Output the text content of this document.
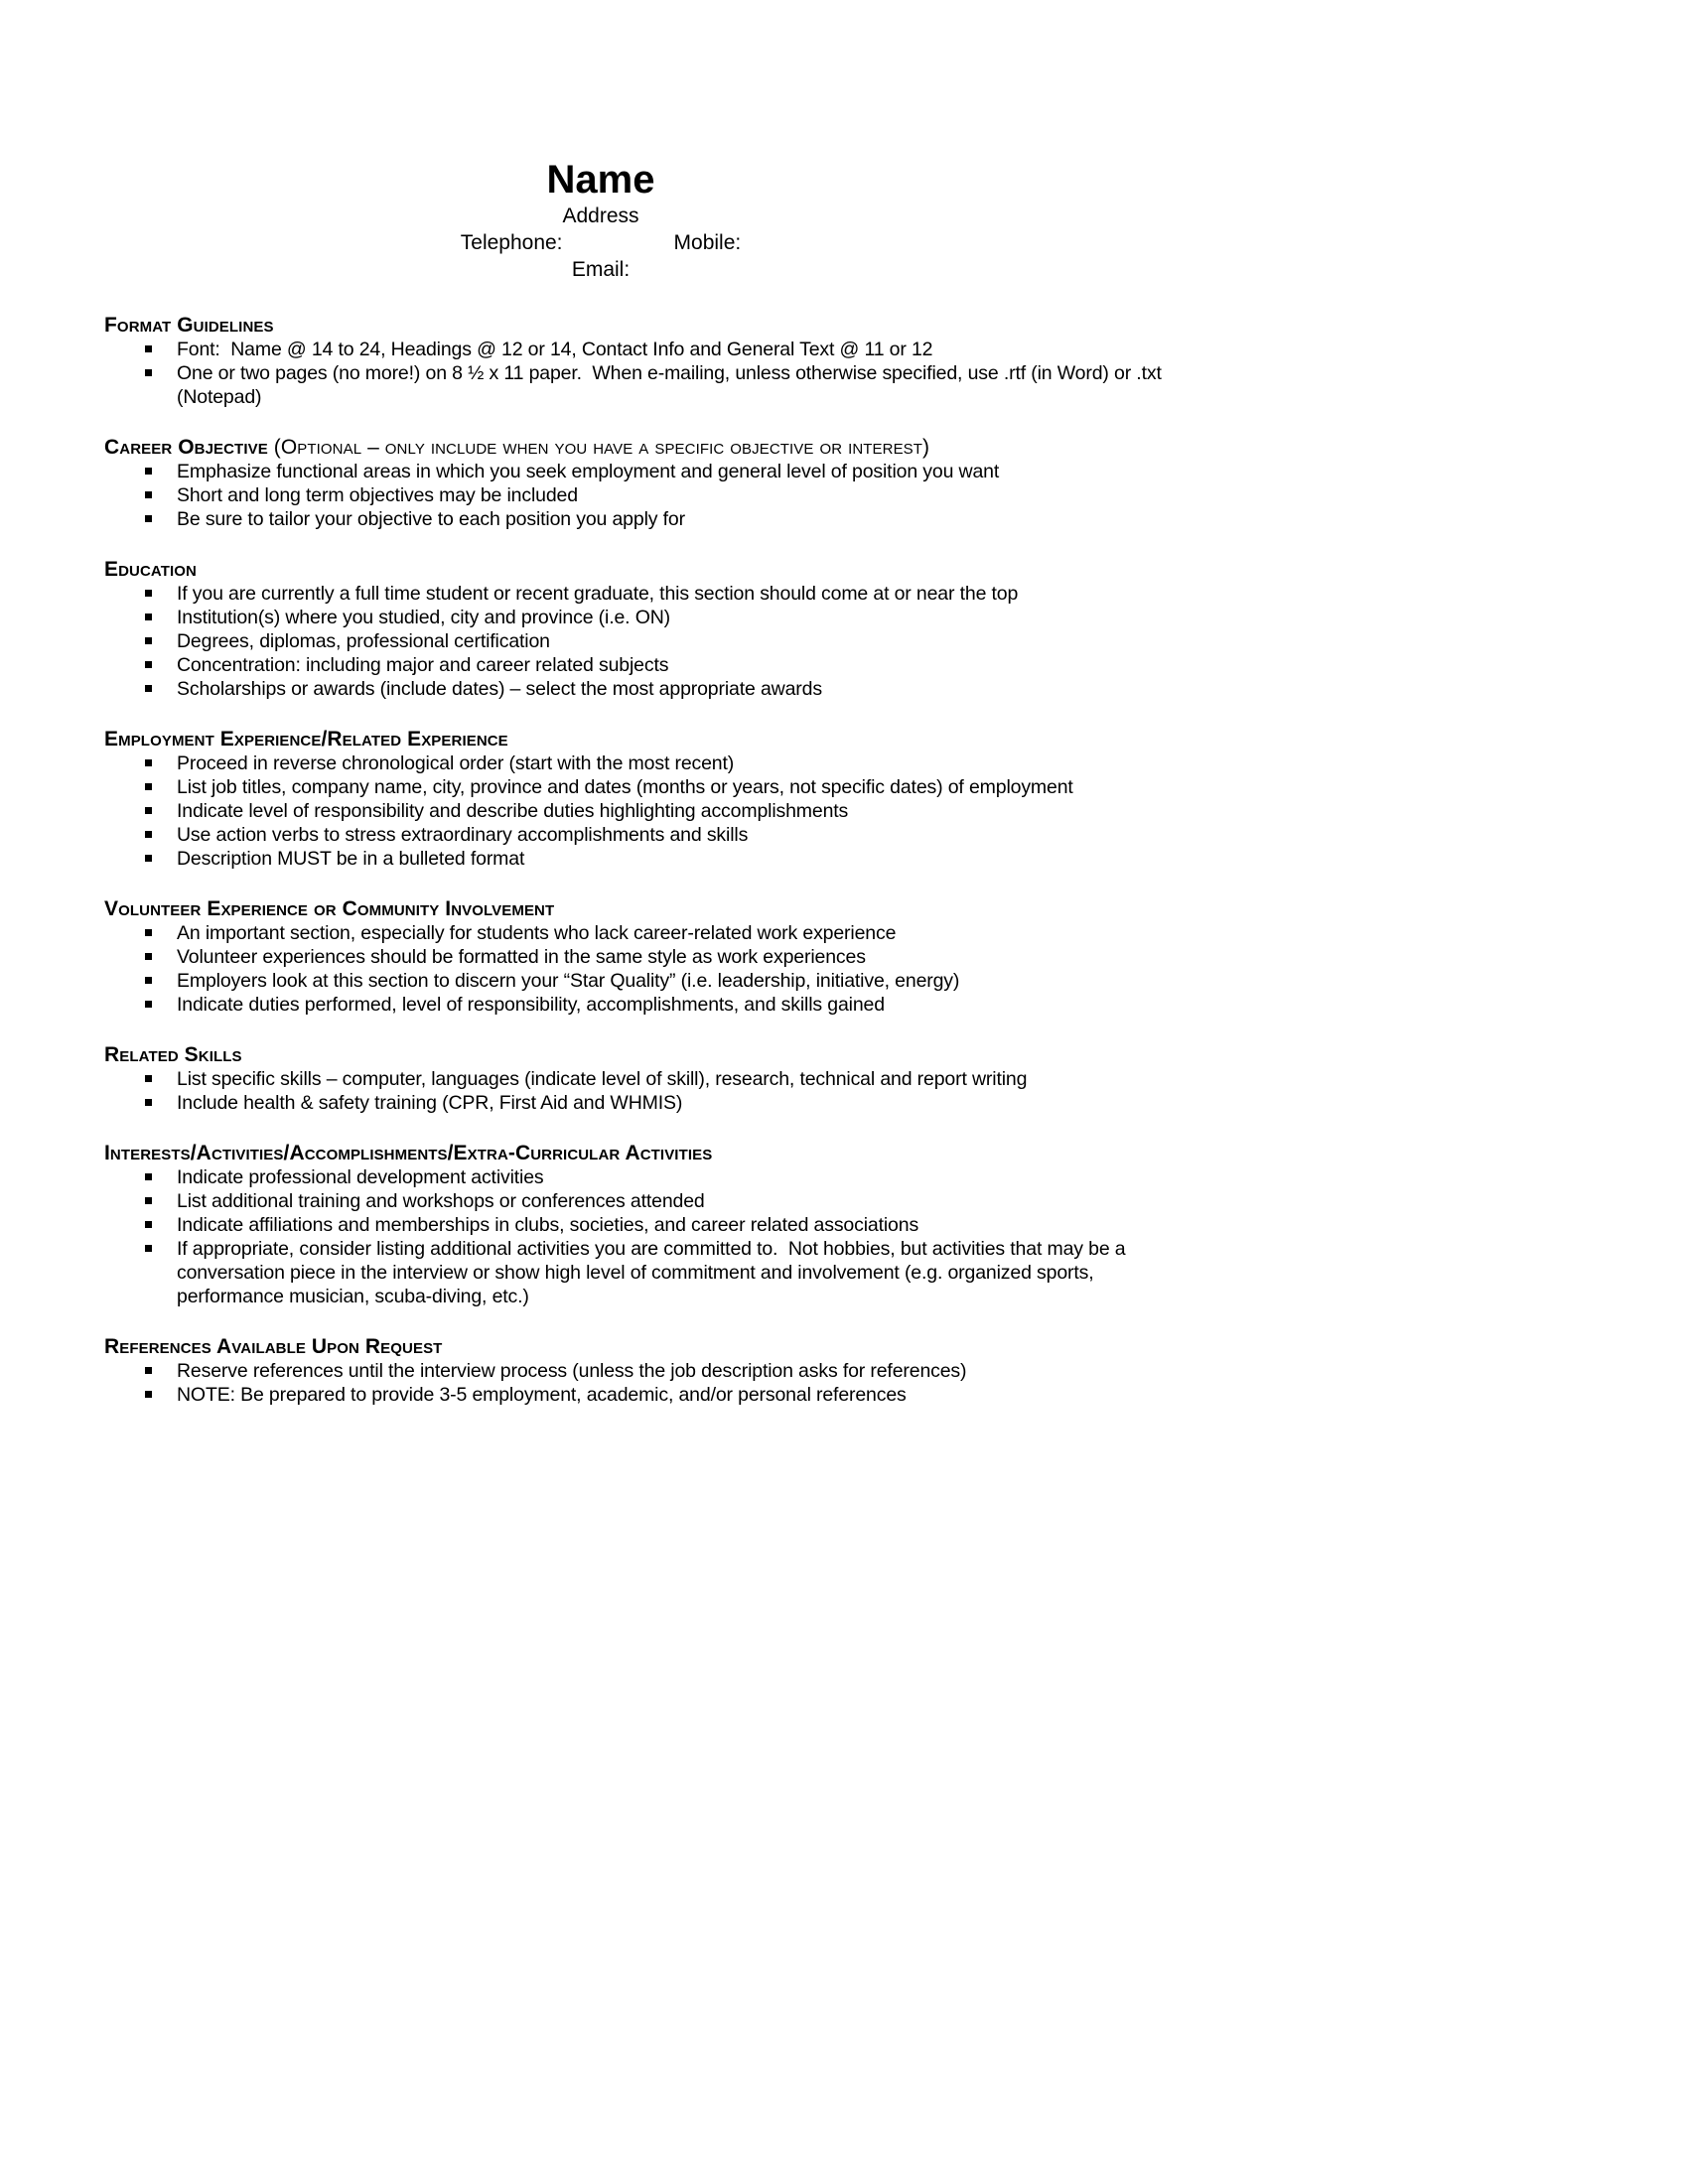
Name
Address
Telephone:	Mobile:
Email:
Format Guidelines
Font:  Name @ 14 to 24, Headings @ 12 or 14, Contact Info and General Text @ 11 or 12
One or two pages (no more!) on 8 ½ x 11 paper.  When e-mailing, unless otherwise specified, use .rtf (in Word) or .txt (Notepad)
Career Objective (Optional – only include when you have a specific objective or interest)
Emphasize functional areas in which you seek employment and general level of position you want
Short and long term objectives may be included
Be sure to tailor your objective to each position you apply for
Education
If you are currently a full time student or recent graduate, this section should come at or near the top
Institution(s) where you studied, city and province (i.e. ON)
Degrees, diplomas, professional certification
Concentration: including major and career related subjects
Scholarships or awards (include dates) – select the most appropriate awards
Employment Experience/Related Experience
Proceed in reverse chronological order (start with the most recent)
List job titles, company name, city, province and dates (months or years, not specific dates) of employment
Indicate level of responsibility and describe duties highlighting accomplishments
Use action verbs to stress extraordinary accomplishments and skills
Description MUST be in a bulleted format
Volunteer Experience or Community Involvement
An important section, especially for students who lack career-related work experience
Volunteer experiences should be formatted in the same style as work experiences
Employers look at this section to discern your “Star Quality” (i.e. leadership, initiative, energy)
Indicate duties performed, level of responsibility, accomplishments, and skills gained
Related Skills
List specific skills – computer, languages (indicate level of skill), research, technical and report writing
Include health & safety training (CPR, First Aid and WHMIS)
Interests/Activities/Accomplishments/Extra-Curricular Activities
Indicate professional development activities
List additional training and workshops or conferences attended
Indicate affiliations and memberships in clubs, societies, and career related associations
If appropriate, consider listing additional activities you are committed to.  Not hobbies, but activities that may be a conversation piece in the interview or show high level of commitment and involvement (e.g. organized sports, performance musician, scuba-diving, etc.)
References Available Upon Request
Reserve references until the interview process (unless the job description asks for references)
NOTE: Be prepared to provide 3-5 employment, academic, and/or personal references
